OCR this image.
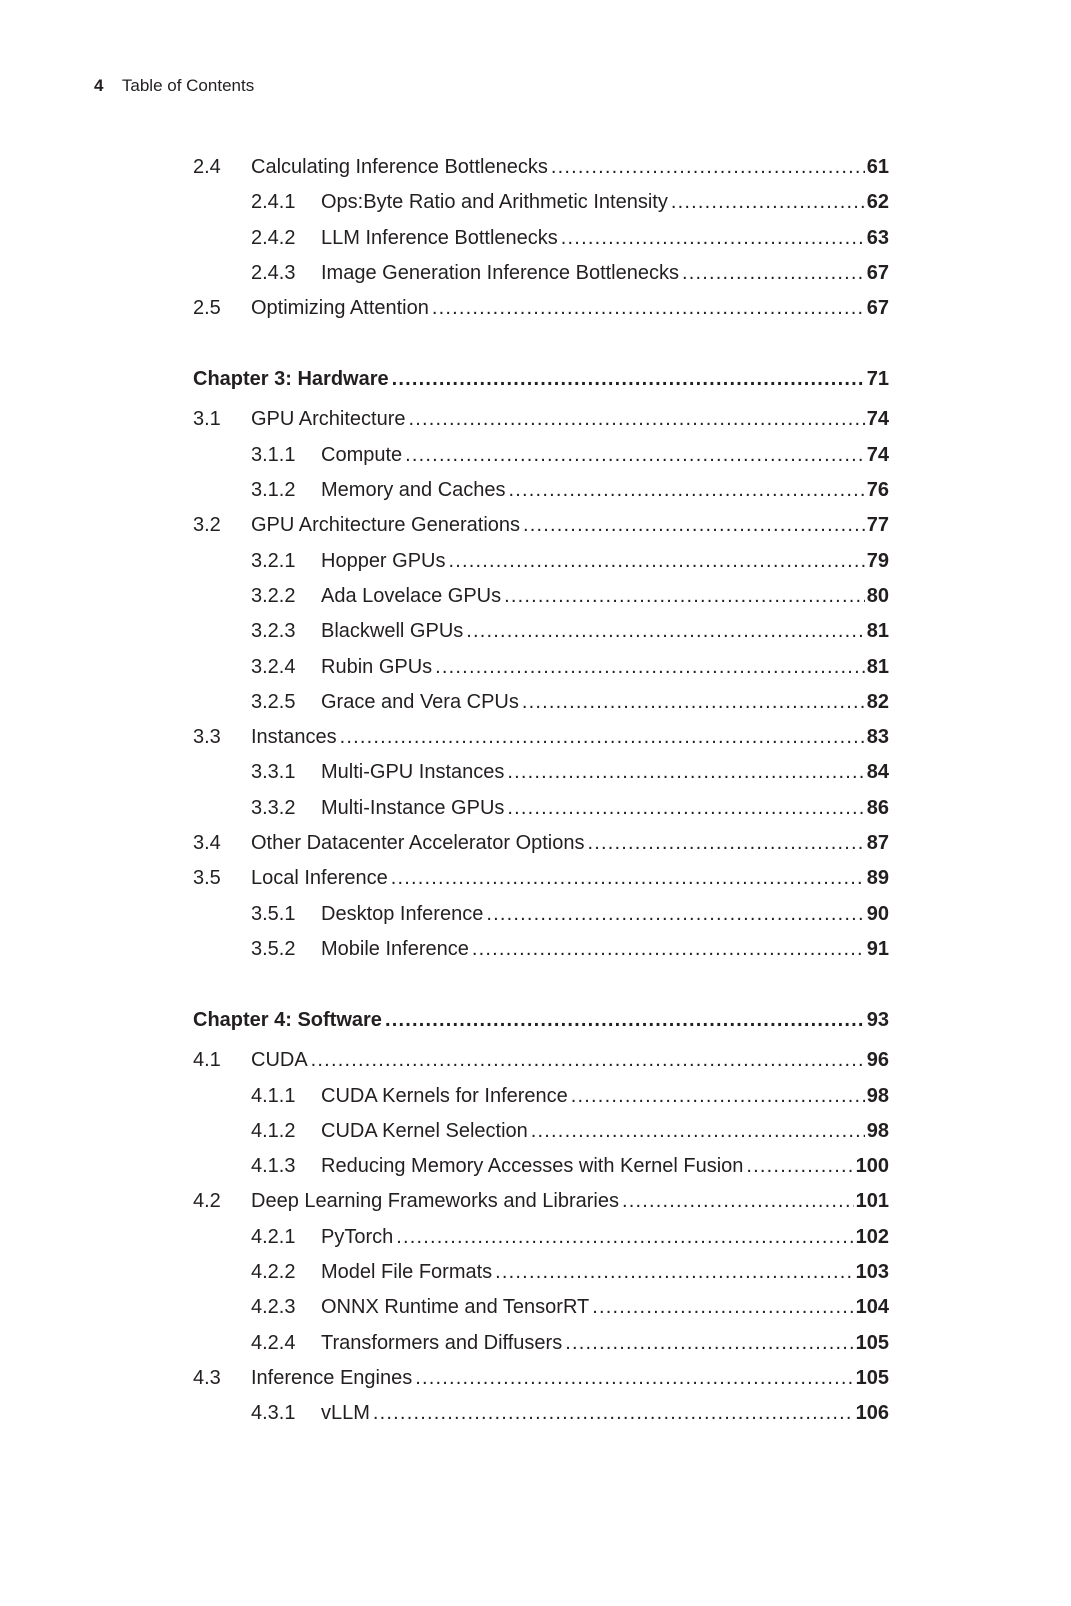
4 Table of Contents
2.4	Calculating Inference Bottlenecks .....	61
2.4.1	Ops:Byte Ratio and Arithmetic Intensity .....	62
2.4.2	LLM Inference Bottlenecks .....	63
2.4.3	Image Generation Inference Bottlenecks .....	67
2.5	Optimizing Attention .....	67
Chapter 3: Hardware .....	71
3.1	GPU Architecture .....	74
3.1.1	Compute .....	74
3.1.2	Memory and Caches .....	76
3.2	GPU Architecture Generations .....	77
3.2.1	Hopper GPUs .....	79
3.2.2	Ada Lovelace GPUs .....	80
3.2.3	Blackwell GPUs .....	81
3.2.4	Rubin GPUs .....	81
3.2.5	Grace and Vera CPUs .....	82
3.3	Instances .....	83
3.3.1	Multi-GPU Instances .....	84
3.3.2	Multi-Instance GPUs .....	86
3.4	Other Datacenter Accelerator Options .....	87
3.5	Local Inference .....	89
3.5.1	Desktop Inference .....	90
3.5.2	Mobile Inference .....	91
Chapter 4: Software .....	93
4.1	CUDA .....	96
4.1.1	CUDA Kernels for Inference .....	98
4.1.2	CUDA Kernel Selection .....	98
4.1.3	Reducing Memory Accesses with Kernel Fusion .....	100
4.2	Deep Learning Frameworks and Libraries .....	101
4.2.1	PyTorch .....	102
4.2.2	Model File Formats .....	103
4.2.3	ONNX Runtime and TensorRT .....	104
4.2.4	Transformers and Diffusers .....	105
4.3	Inference Engines .....	105
4.3.1	vLLM .....	106
